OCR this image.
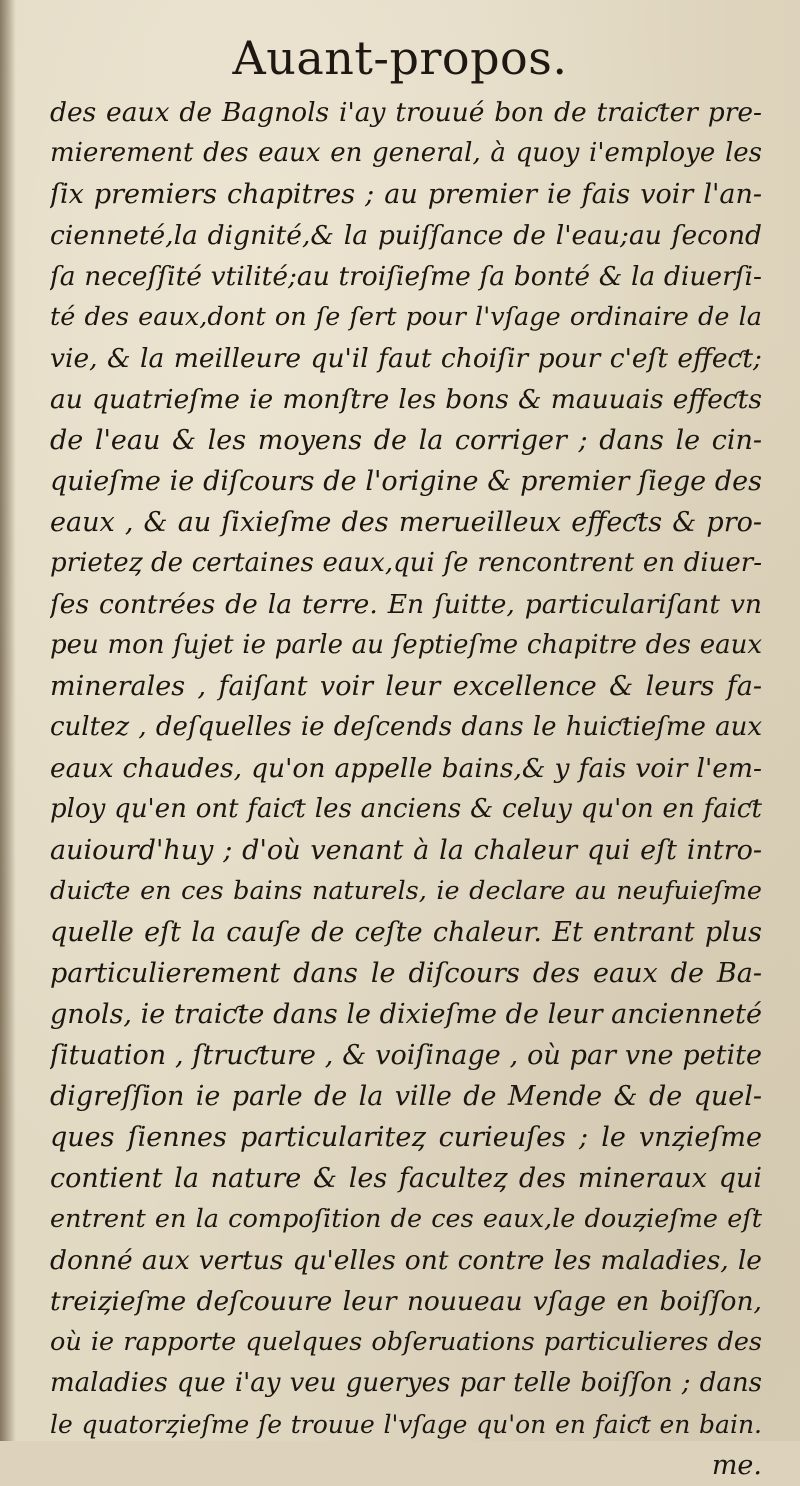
Auant-propos.
des eaux de Bagnols i'ay trouué bon de traiƈter pre-
mierement des eaux en general, à quoy i'employe les
ſix premiers chapitres ; au premier ie fais voir l'an-
cienneté,la dignité,& la puiſſance de l'eau;au ſecond
ſa neceſſité vtilité;au troiſieſme ſa bonté & la diuerſi-
té des eaux,dont on ſe ſert pour l'vſage ordinaire de la
vie, & la meilleure qu'il faut choiſir pour c'eſt effeƈt;
au quatrieſme ie monſtre les bons & mauuais effeƈts
de l'eau & les moyens de la corriger ; dans le cin-
quieſme ie diſcours de l'origine & premier ſiege des
eaux , & au ſixieſme des merueilleux effeƈts & pro-
prieteȥ de certaines eaux,qui ſe rencontrent en diuer-
ſes contrées de la terre. En ſuitte, particulariſant vn
peu mon ſujet ie parle au ſeptieſme chapitre des eaux
minerales , faiſant voir leur excellence & leurs fa-
cultez , deſquelles ie deſcends dans le huiƈtieſme aux
eaux chaudes, qu'on appelle bains,& y fais voir l'em-
ploy qu'en ont faiƈt les anciens & celuy qu'on en faiƈt
auiourd'huy ; d'où venant à la chaleur qui eſt intro-
duiƈte en ces bains naturels, ie declare au neufuieſme
quelle eſt la cauſe de ceſte chaleur. Et entrant plus
particulierement dans le diſcours des eaux de Ba-
gnols, ie traiƈte dans le dixieſme de leur ancienneté
ſituation , ſtruƈture , & voiſinage , où par vne petite
digreſſion ie parle de la ville de Mende & de quel-
ques ſiennes particulariteȥ curieuſes ; le vnȥieſme
contient la nature & les faculteȥ des mineraux qui
entrent en la compoſition de ces eaux,le douȥieſme eſt
donné aux vertus qu'elles ont contre les maladies, le
treiȥieſme deſcouure leur nouueau vſage en boiſſon,
où ie rapporte quelques obſeruations particulieres des
maladies que i'ay veu gueryes par telle boiſſon ; dans
le quatorȥieſme ſe trouue l'vſage qu'on en faiƈt en bain.
me.
